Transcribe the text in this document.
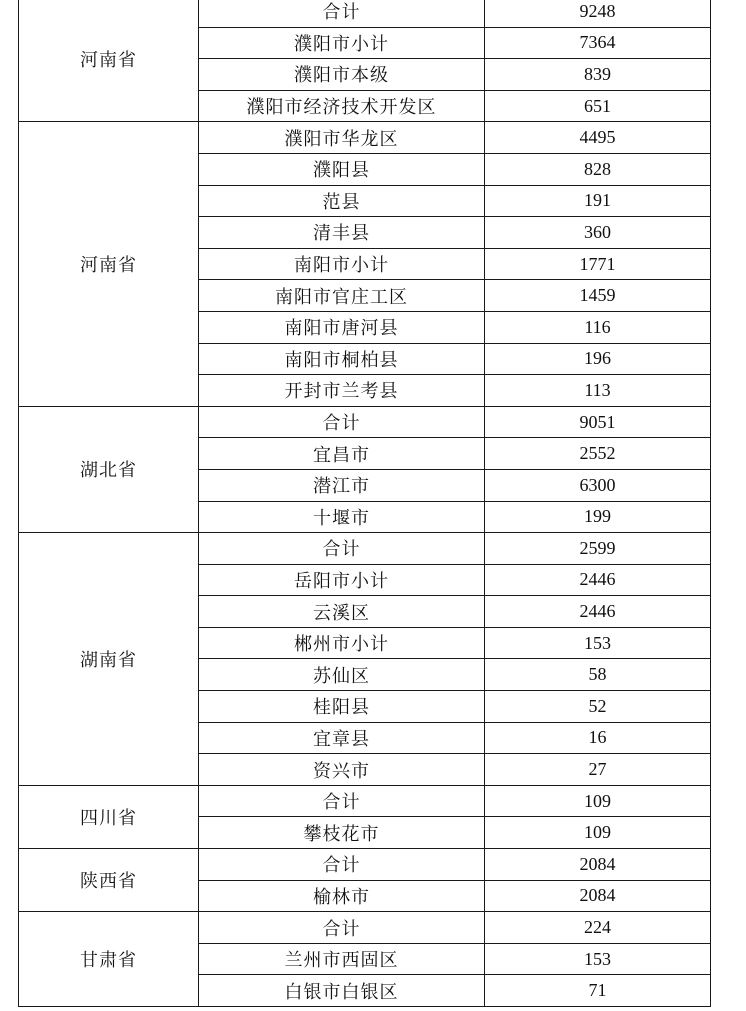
河南省	合计	9248
	濮阳市小计	7364
	濮阳市本级	839
	濮阳市经济技术开发区	651
河南省	濮阳市华龙区	4495
	濮阳县	828
	范县	191
	清丰县	360
	南阳市小计	1771
	南阳市官庄工区	1459
	南阳市唐河县	116
	南阳市桐柏县	196
	开封市兰考县	113
湖北省	合计	9051
	宜昌市	2552
	潜江市	6300
	十堰市	199
湖南省	合计	2599
	岳阳市小计	2446
	云溪区	2446
	郴州市小计	153
	苏仙区	58
	桂阳县	52
	宜章县	16
	资兴市	27
四川省	合计	109
	攀枝花市	109
陕西省	合计	2084
	榆林市	2084
甘肃省	合计	224
	兰州市西固区	153
	白银市白银区	71
